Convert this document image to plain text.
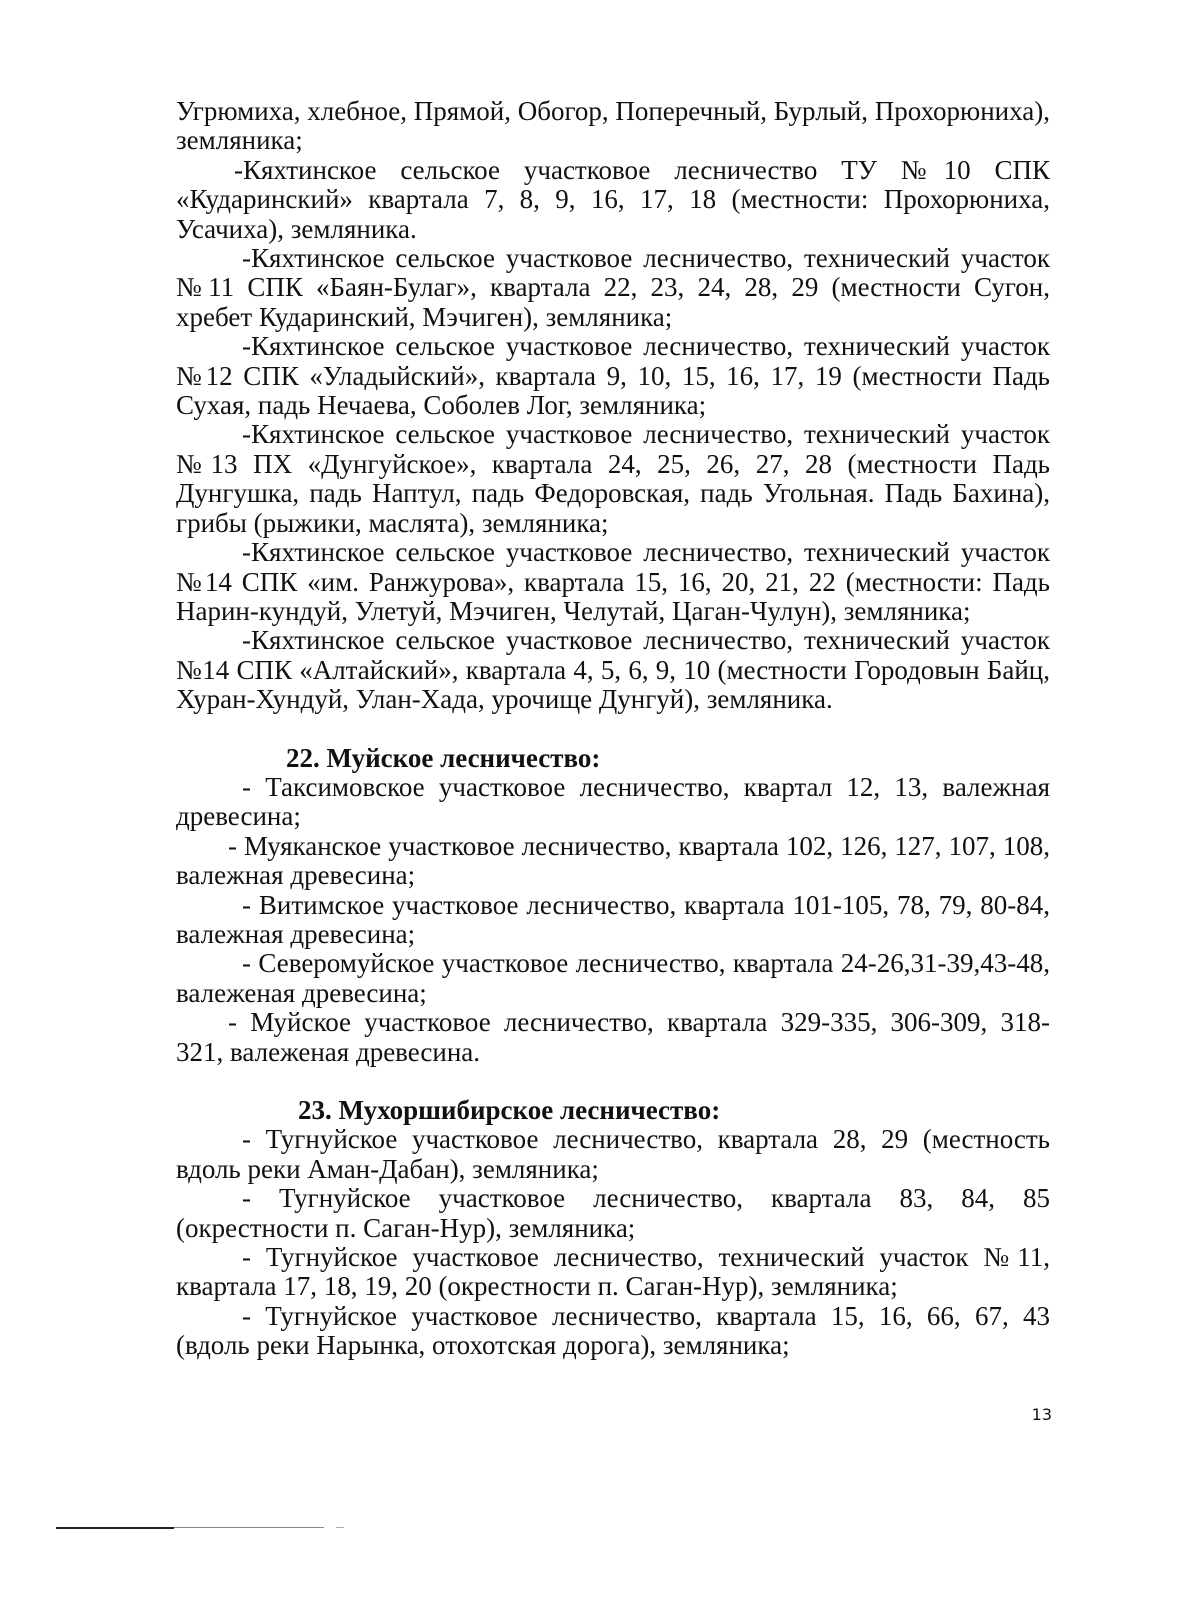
Угрюмиха, хлебное, Прямой, Обогор, Поперечный, Бурлый, Прохорюниха), земляника;

-Кяхтинское сельское участковое лесничество ТУ №10 СПК «Кударинский» квартала 7, 8, 9, 16, 17, 18 (местности: Прохорюниха, Усачиха), земляника.

-Кяхтинское сельское участковое лесничество, технический участок №11 СПК «Баян-Булаг», квартала 22, 23, 24, 28, 29 (местности Сугон, хребет Кударинский, Мэчиген), земляника;

-Кяхтинское сельское участковое лесничество, технический участок №12 СПК «Уладыйский», квартала 9, 10, 15, 16, 17, 19 (местности Падь Сухая, падь Нечаева, Соболев Лог, земляника;

-Кяхтинское сельское участковое лесничество, технический участок №13 ПХ «Дунгуйское», квартала 24, 25, 26, 27, 28 (местности Падь Дунгушка, падь Наптул, падь Федоровская, падь Угольная. Падь Бахина), грибы (рыжики, маслята), земляника;

-Кяхтинское сельское участковое лесничество, технический участок №14 СПК «им. Ранжурова», квартала 15, 16, 20, 21, 22 (местности: Падь Нарин-кундуй, Улетуй, Мэчиген, Челутай, Цаган-Чулун), земляника;

-Кяхтинское сельское участковое лесничество, технический участок №14 СПК «Алтайский», квартала 4, 5, 6, 9, 10 (местности Городовын Байц, Хуран-Хундуй, Улан-Хада, урочище Дунгуй), земляника.

22. Муйское лесничество:

- Таксимовское участковое лесничество, квартал 12, 13, валежная древесина;

- Муяканское участковое лесничество, квартала 102, 126, 127, 107, 108, валежная древесина;

- Витимское участковое лесничество, квартала 101-105, 78, 79, 80-84, валежная древесина;

- Северомуйское участковое лесничество, квартала 24-26,31-39,43-48, валеженая древесина;

- Муйское участковое лесничество, квартала 329-335, 306-309, 318-321, валеженая древесина.

23. Мухоршибирское лесничество:

- Тугнуйское участковое лесничество, квартала 28, 29 (местность вдоль реки Аман-Дабан), земляника;

- Тугнуйское участковое лесничество, квартала 83, 84, 85 (окрестности п. Саган-Нур), земляника;

- Тугнуйское участковое лесничество, технический участок №11, квартала 17, 18, 19, 20 (окрестности п. Саган-Нур), земляника;

- Тугнуйское участковое лесничество, квартала 15, 16, 66, 67, 43 (вдоль реки Нарынка, отохотская дорога), земляника;

13
